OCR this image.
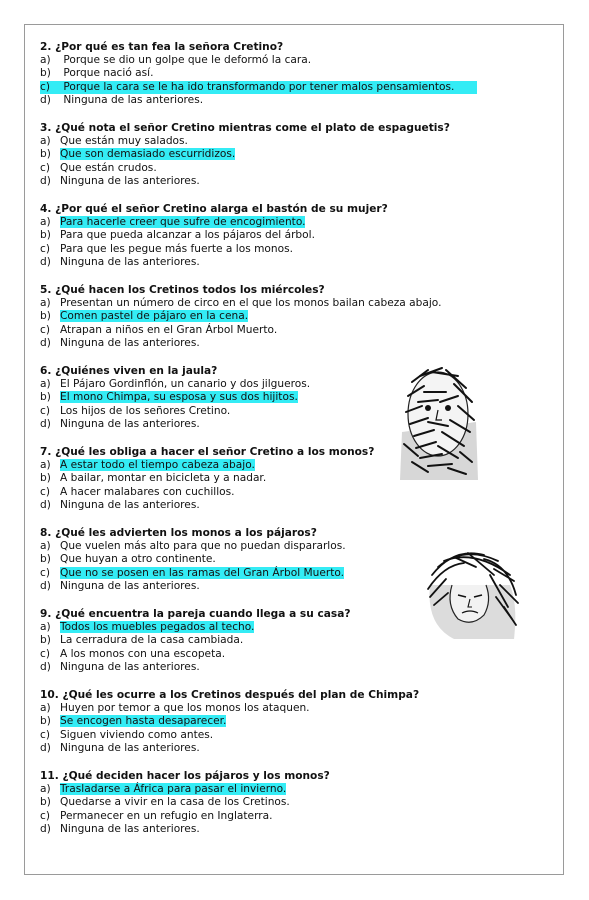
2. ¿Por qué es tan fea la señora Cretino?
a) Porque se dio un golpe que le deformó la cara.
b) Porque nació así.
c) Porque la cara se le ha ido transformando por tener malos pensamientos.
d) Ninguna de las anteriores.
3. ¿Qué nota el señor Cretino mientras come el plato de espaguetis?
a) Que están muy salados.
b) Que son demasiado escurridizos.
c) Que están crudos.
d) Ninguna de las anteriores.
4. ¿Por qué el señor Cretino alarga el bastón de su mujer?
a) Para hacerle creer que sufre de encogimiento.
b) Para que pueda alcanzar a los pájaros del árbol.
c) Para que les pegue más fuerte a los monos.
d) Ninguna de las anteriores.
5. ¿Qué hacen los Cretinos todos los miércoles?
a) Presentan un número de circo en el que los monos bailan cabeza abajo.
b) Comen pastel de pájaro en la cena.
c) Atrapan a niños en el Gran Árbol Muerto.
d) Ninguna de las anteriores.
6. ¿Quiénes viven en la jaula?
a) El Pájaro Gordinflón, un canario y dos jilgueros.
b) El mono Chimpa, su esposa y sus dos hijitos.
c) Los hijos de los señores Cretino.
d) Ninguna de las anteriores.
7. ¿Qué les obliga a hacer el señor Cretino a los monos?
a) A estar todo el tiempo cabeza abajo.
b) A bailar, montar en bicicleta y a nadar.
c) A hacer malabares con cuchillos.
d) Ninguna de las anteriores.
8. ¿Qué les advierten los monos a los pájaros?
a) Que vuelen más alto para que no puedan dispararlos.
b) Que huyan a otro continente.
c) Que no se posen en las ramas del Gran Árbol Muerto.
d) Ninguna de las anteriores.
9. ¿Qué encuentra la pareja cuando llega a su casa?
a) Todos los muebles pegados al techo.
b) La cerradura de la casa cambiada.
c) A los monos con una escopeta.
d) Ninguna de las anteriores.
10. ¿Qué les ocurre a los Cretinos después del plan de Chimpa?
a) Huyen por temor a que los monos los ataquen.
b) Se encogen hasta desaparecer.
c) Siguen viviendo como antes.
d) Ninguna de las anteriores.
11. ¿Qué deciden hacer los pájaros y los monos?
a) Trasladarse a África para pasar el invierno.
b) Quedarse a vivir en la casa de los Cretinos.
c) Permanecer en un refugio en Inglaterra.
d) Ninguna de las anteriores.
